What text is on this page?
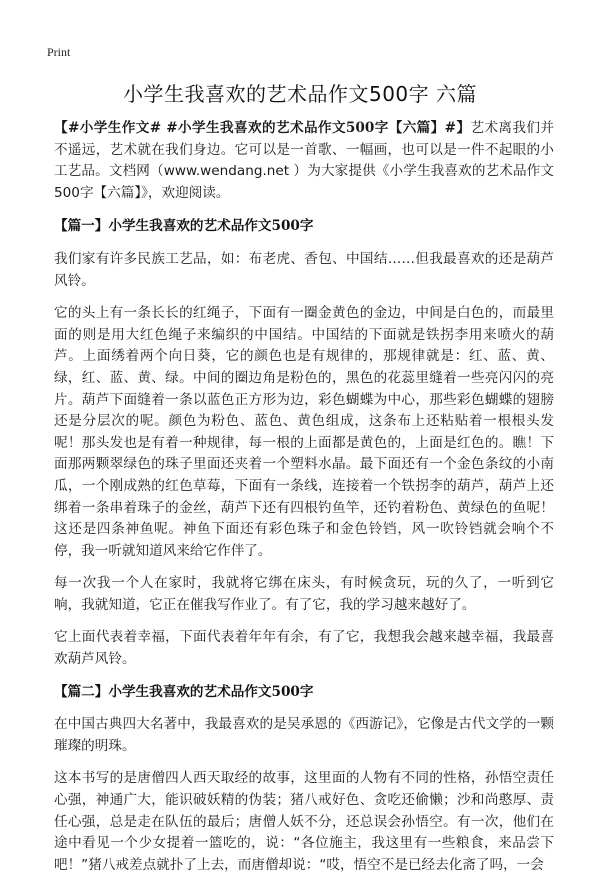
Print
小学生我喜欢的艺术品作文500字 六篇

【#小学生作文# #小学生我喜欢的艺术品作文500字【六篇】#】艺术离我们并不遥远，艺术就在我们身边。它可以是一首歌、一幅画，也可以是一件不起眼的小工艺品。文档网（www.wendang.net ）为大家提供《小学生我喜欢的艺术品作文500字【六篇】》，欢迎阅读。

【篇一】小学生我喜欢的艺术品作文500字

我们家有许多民族工艺品，如：布老虎、香包、中国结……但我最喜欢的还是葫芦风铃。

它的头上有一条长长的红绳子，下面有一圈金黄色的金边，中间是白色的，而最里面的则是用大红色绳子来编织的中国结。中国结的下面就是铁拐李用来喷火的葫芦。上面绣着两个向日葵，它的颜色也是有规律的，那规律就是：红、蓝、黄、绿，红、蓝、黄、绿。中间的圈边角是粉色的，黑色的花蕊里缝着一些亮闪闪的亮片。葫芦下面缝着一条以蓝色正方形为边，彩色蝴蝶为中心，那些彩色蝴蝶的翅膀还是分层次的呢。颜色为粉色、蓝色、黄色组成，这条布上还粘贴着一根根头发呢！那头发也是有着一种规律，每一根的上面都是黄色的，上面是红色的。瞧！下面那两颗翠绿色的珠子里面还夹着一个塑料水晶。最下面还有一个金色条纹的小南瓜，一个刚成熟的红色草莓，下面有一条线，连接着一个铁拐李的葫芦，葫芦上还绑着一条串着珠子的金丝，葫芦下还有四根钓鱼竿，还钓着粉色、黄绿色的鱼呢！这还是四条神鱼呢。神鱼下面还有彩色珠子和金色铃铛，风一吹铃铛就会响个不停，我一听就知道风来给它作伴了。

每一次我一个人在家时，我就将它绑在床头，有时候贪玩，玩的久了，一听到它响，我就知道，它正在催我写作业了。有了它，我的学习越来越好了。

它上面代表着幸福，下面代表着年年有余，有了它，我想我会越来越幸福，我最喜欢葫芦风铃。

【篇二】小学生我喜欢的艺术品作文500字

在中国古典四大名著中，我最喜欢的是吴承恩的《西游记》，它像是古代文学的一颗璀璨的明珠。

这本书写的是唐僧四人西天取经的故事，这里面的人物有不同的性格，孙悟空责任心强，神通广大，能识破妖精的伪装；猪八戒好色、贪吃还偷懒；沙和尚憨厚、责任心强，总是走在队伍的最后；唐僧人妖不分，还总误会孙悟空。有一次，他们在途中看见一个少女提着一篮吃的，说：“各位施主，我这里有一些粮食，来品尝下吧！”猪八戒差点就扑了上去，而唐僧却说：“哎，悟空不是已经去化斋了吗，一会
